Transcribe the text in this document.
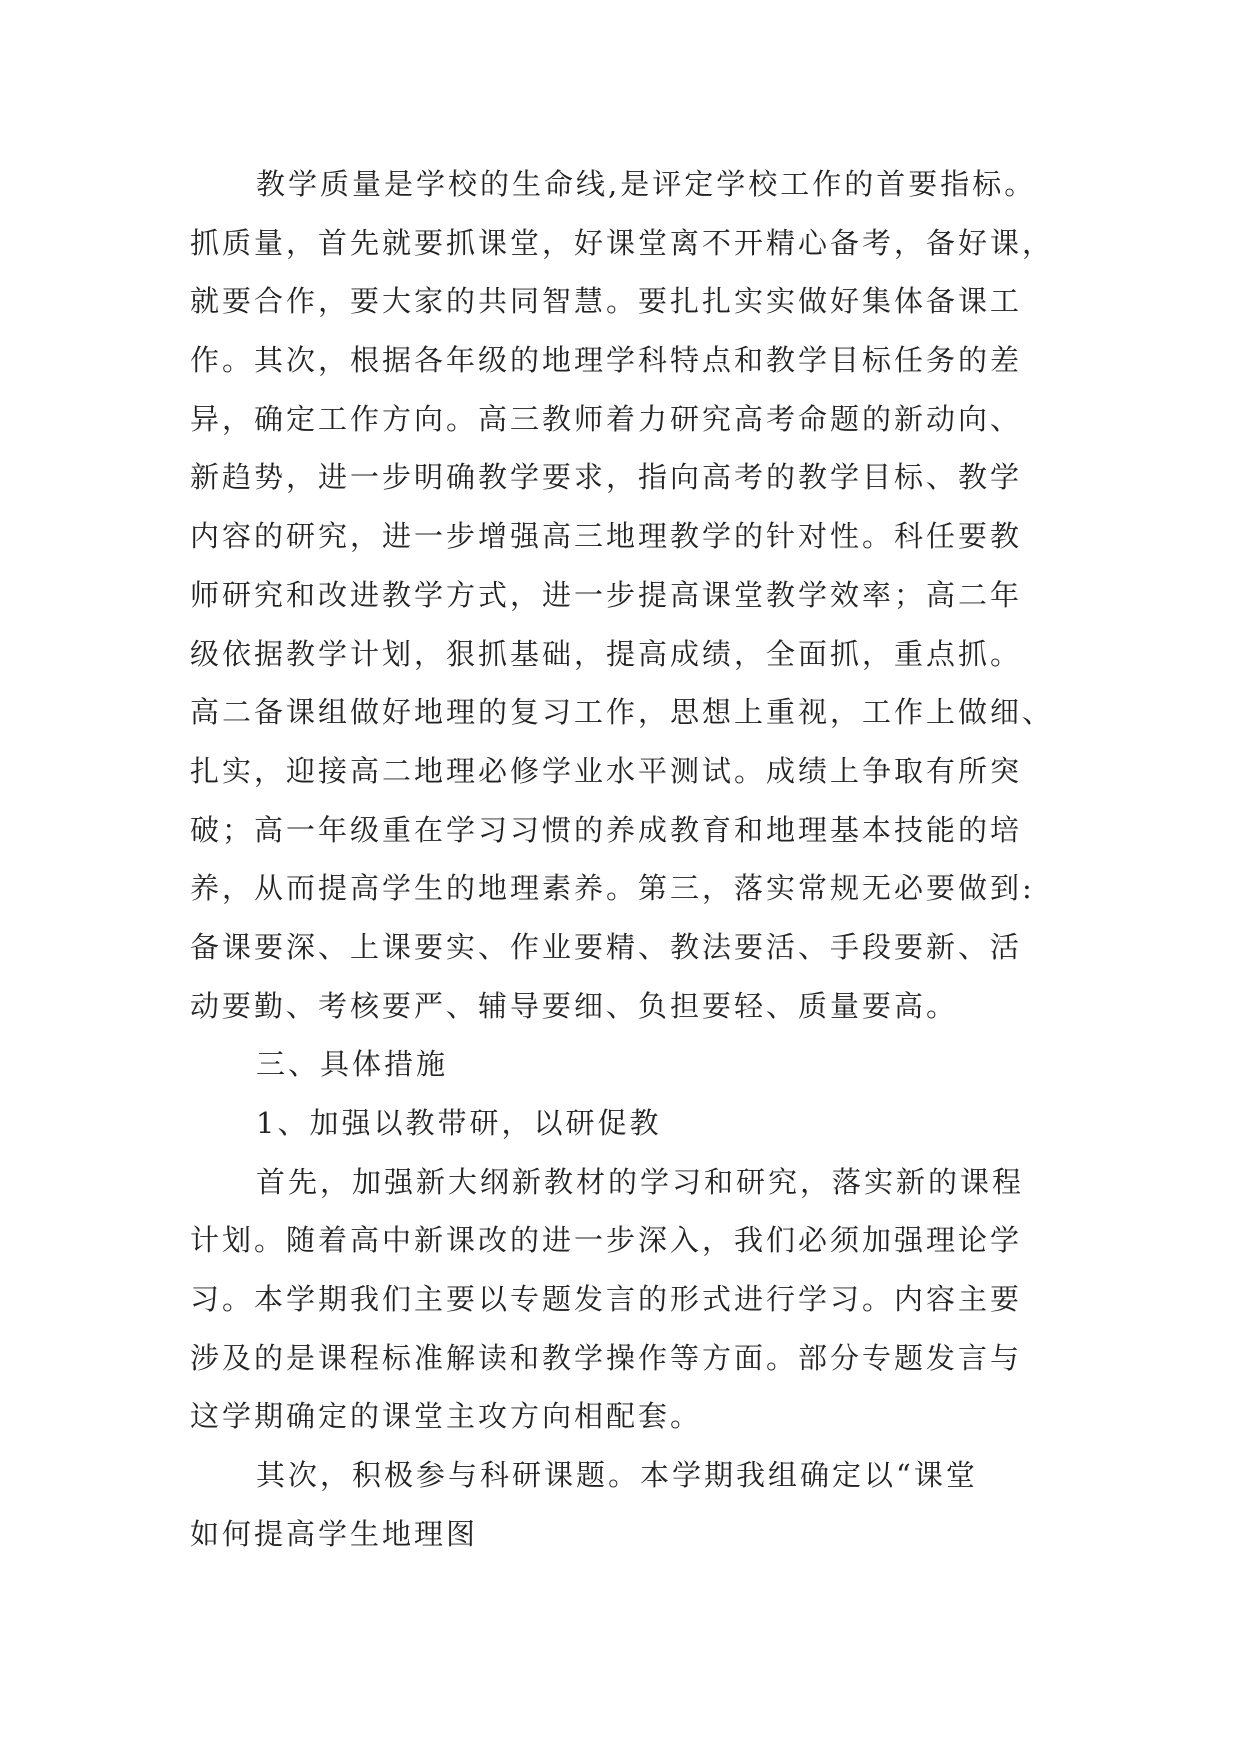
教学质量是学校的生命线,是评定学校工作的首要指标。
抓质量，首先就要抓课堂，好课堂离不开精心备考，备好课，
就要合作，要大家的共同智慧。要扎扎实实做好集体备课工
作。其次，根据各年级的地理学科特点和教学目标任务的差
异，确定工作方向。高三教师着力研究高考命题的新动向、
新趋势，进一步明确教学要求，指向高考的教学目标、教学
内容的研究，进一步增强高三地理教学的针对性。科任要教
师研究和改进教学方式，进一步提高课堂教学效率；高二年
级依据教学计划，狠抓基础，提高成绩，全面抓，重点抓。
高二备课组做好地理的复习工作，思想上重视，工作上做细、
扎实，迎接高二地理必修学业水平测试。成绩上争取有所突
破；高一年级重在学习习惯的养成教育和地理基本技能的培
养，从而提高学生的地理素养。第三，落实常规无必要做到:
备课要深、上课要实、作业要精、教法要活、手段要新、活
动要勤、考核要严、辅导要细、负担要轻、质量要高。
三、具体措施
1、加强以教带研，以研促教
首先，加强新大纲新教材的学习和研究，落实新的课程
计划。随着高中新课改的进一步深入，我们必须加强理论学
习。本学期我们主要以专题发言的形式进行学习。内容主要
涉及的是课程标准解读和教学操作等方面。部分专题发言与
这学期确定的课堂主攻方向相配套。
其次，积极参与科研课题。本学期我组确定以“课堂
如何提高学生地理图
